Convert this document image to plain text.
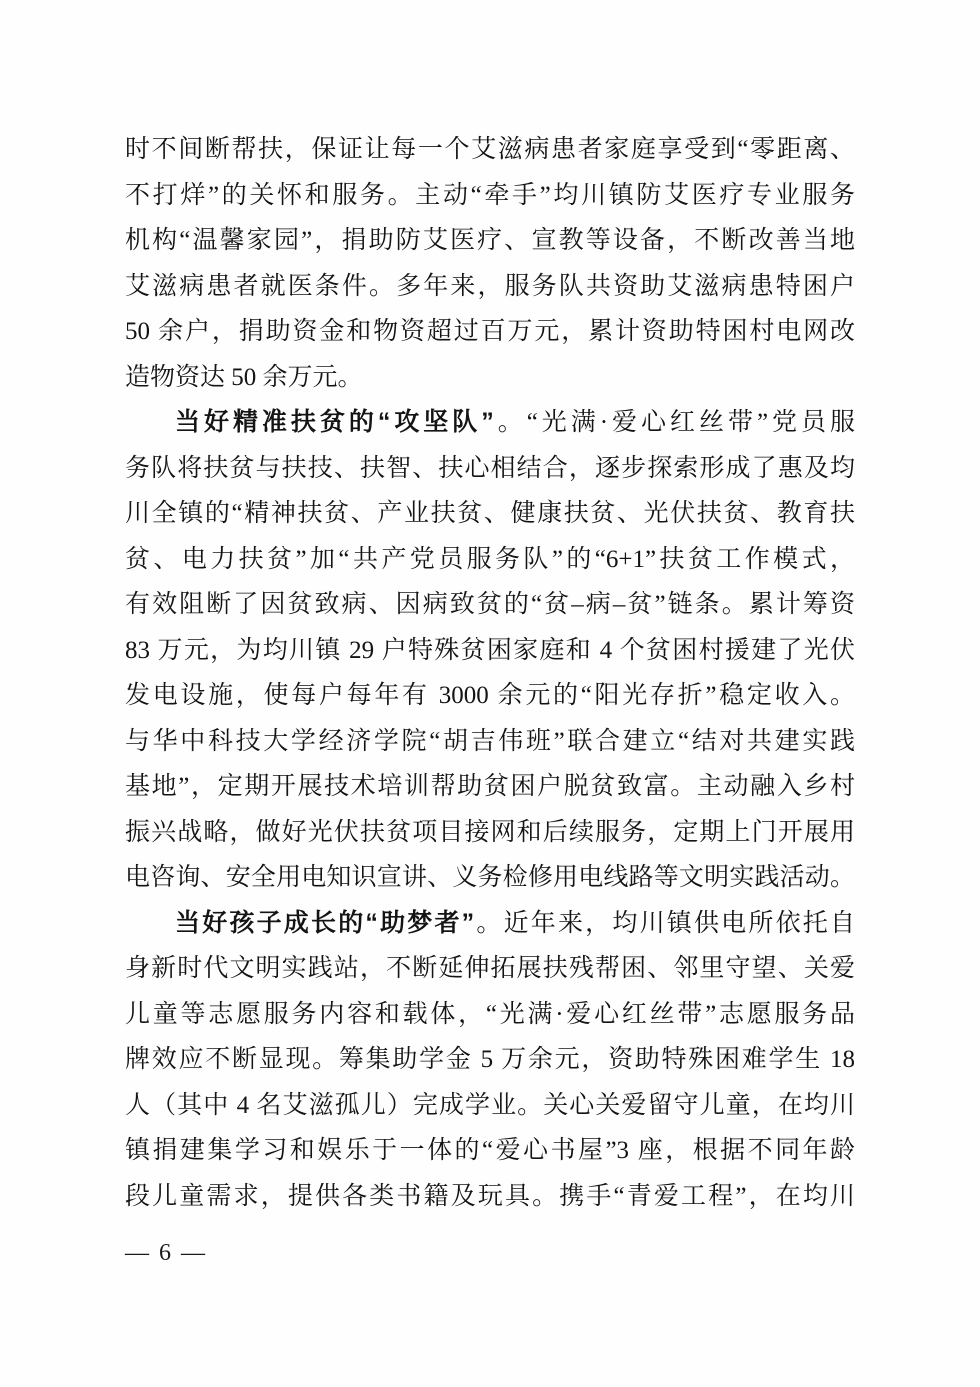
时不间断帮扶，保证让每一个艾滋病患者家庭享受到“零距离、
不打烊”的关怀和服务。主动“牵手”均川镇防艾医疗专业服务
机构“温馨家园”，捐助防艾医疗、宣教等设备，不断改善当地
艾滋病患者就医条件。多年来，服务队共资助艾滋病患特困户
50 余户，捐助资金和物资超过百万元，累计资助特困村电网改
造物资达 50 余万元。
当好精准扶贫的“攻坚队”。“光满·爱心红丝带”党员服
务队将扶贫与扶技、扶智、扶心相结合，逐步探索形成了惠及均
川全镇的“精神扶贫、产业扶贫、健康扶贫、光伏扶贫、教育扶
贫、电力扶贫”加“共产党员服务队”的“6+1”扶贫工作模式，
有效阻断了因贫致病、因病致贫的“贫–病–贫”链条。累计筹资
83 万元，为均川镇 29 户特殊贫困家庭和 4 个贫困村援建了光伏
发电设施，使每户每年有 3000 余元的“阳光存折”稳定收入。
与华中科技大学经济学院“胡吉伟班”联合建立“结对共建实践
基地”，定期开展技术培训帮助贫困户脱贫致富。主动融入乡村
振兴战略，做好光伏扶贫项目接网和后续服务，定期上门开展用
电咨询、安全用电知识宣讲、义务检修用电线路等文明实践活动。
当好孩子成长的“助梦者”。近年来，均川镇供电所依托自
身新时代文明实践站，不断延伸拓展扶残帮困、邻里守望、关爱
儿童等志愿服务内容和载体，“光满·爱心红丝带”志愿服务品
牌效应不断显现。筹集助学金 5 万余元，资助特殊困难学生 18
人（其中 4 名艾滋孤儿）完成学业。关心关爱留守儿童，在均川
镇捐建集学习和娱乐于一体的“爱心书屋”3 座，根据不同年龄
段儿童需求，提供各类书籍及玩具。携手“青爱工程”，在均川
— 6 —
